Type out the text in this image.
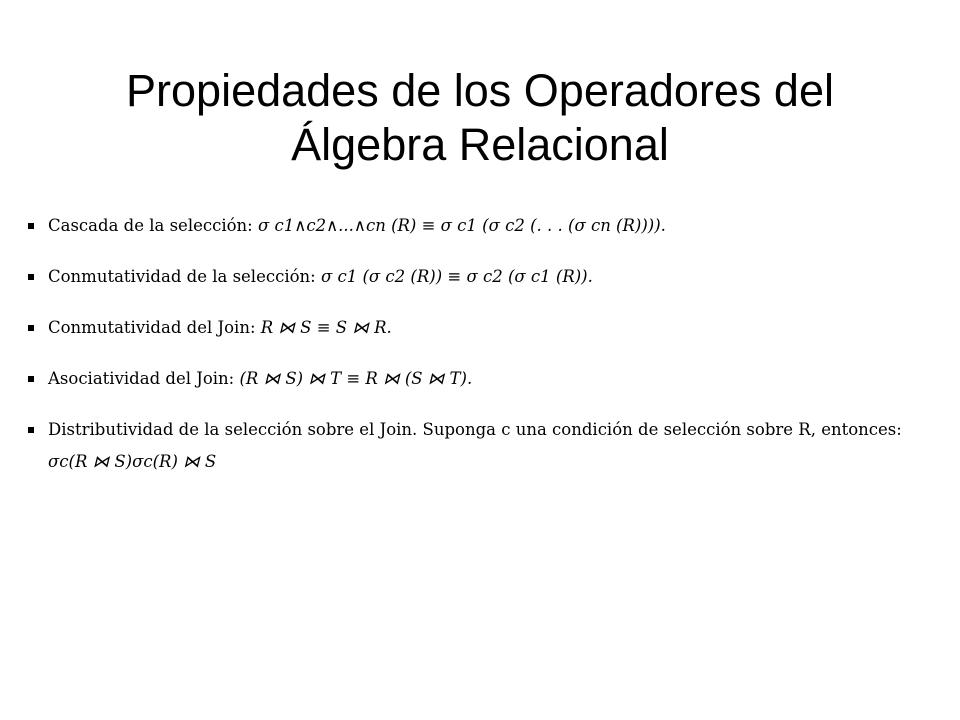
Propiedades de los Operadores del
Álgebra Relacional
Cascada de la selección: σ c1∧c2∧...∧cn (R) ≡ σ c1 (σ c2 (. . . (σ cn (R)))).
Conmutatividad de la selección: σ c1 (σ c2 (R)) ≡ σ c2 (σ c1 (R)).
Conmutatividad del Join: R ⋈ S ≡ S ⋈ R.
Asociatividad del Join: (R ⋈ S) ⋈ T ≡ R ⋈ (S ⋈ T).
Distributividad de la selección sobre el Join. Suponga c una condición de selección sobre R, entonces:
σc(R ⋈ S)σc(R) ⋈ S
